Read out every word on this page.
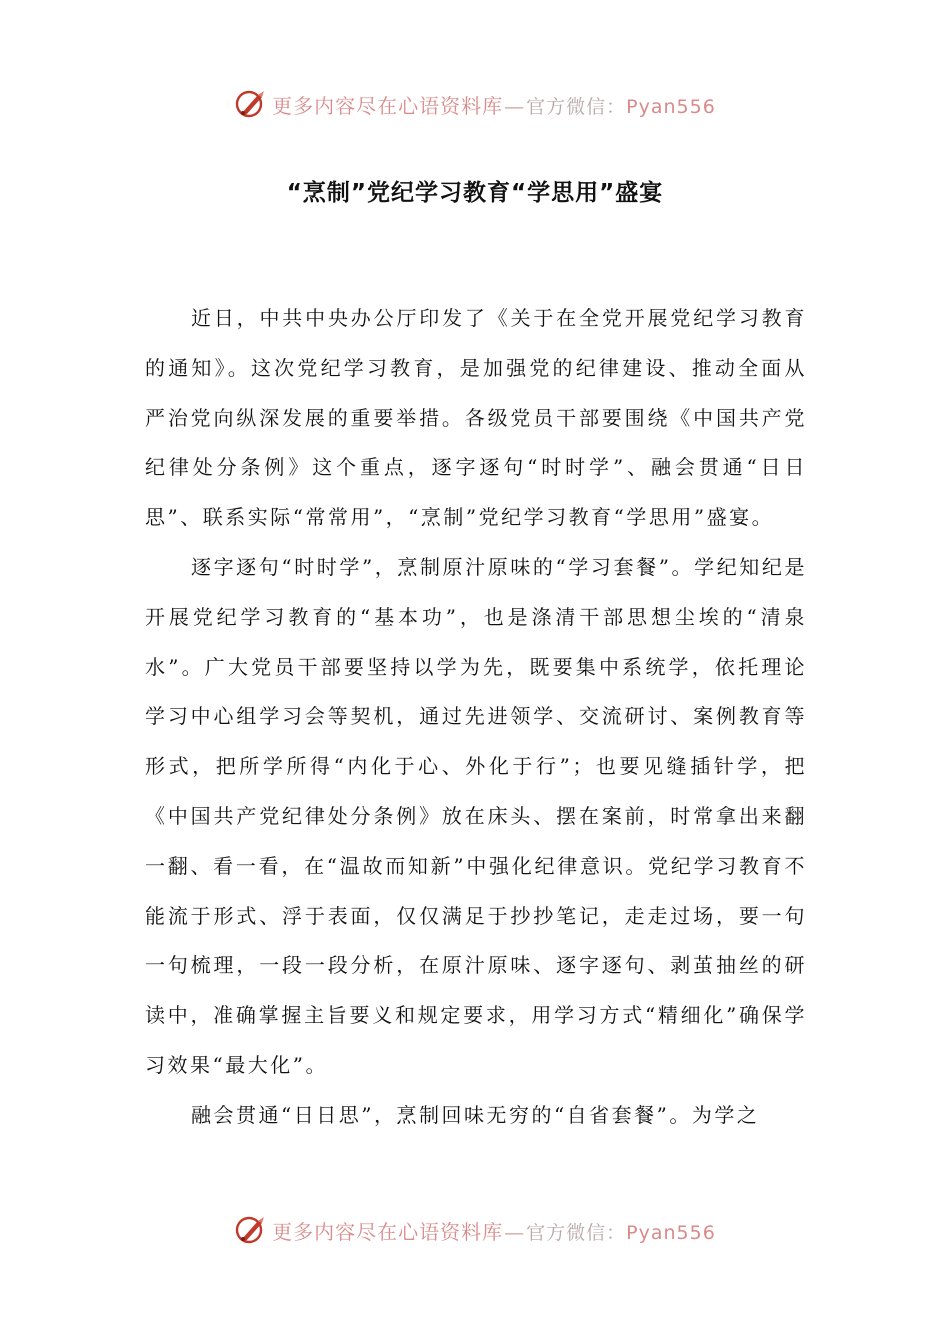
更多内容尽在心语资料库—官方微信：Pyan556
“烹制”党纪学习教育“学思用”盛宴

近日，中共中央办公厅印发了《关于在全党开展党纪学习教育的通知》。这次党纪学习教育，是加强党的纪律建设、推动全面从严治党向纵深发展的重要举措。各级党员干部要围绕《中国共产党纪律处分条例》这个重点，逐字逐句“时时学”、融会贯通“日日思”、联系实际“常常用”，“烹制”党纪学习教育“学思用”盛宴。

逐字逐句“时时学”，烹制原汁原味的“学习套餐”。学纪知纪是开展党纪学习教育的“基本功”，也是涤清干部思想尘埃的“清泉水”。广大党员干部要坚持以学为先，既要集中系统学，依托理论学习中心组学习会等契机，通过先进领学、交流研讨、案例教育等形式，把所学所得“内化于心、外化于行”；也要见缝插针学，把《中国共产党纪律处分条例》放在床头、摆在案前，时常拿出来翻一翻、看一看，在“温故而知新”中强化纪律意识。党纪学习教育不能流于形式、浮于表面，仅仅满足于抄抄笔记，走走过场，要一句一句梳理，一段一段分析，在原汁原味、逐字逐句、剥茧抽丝的研读中，准确掌握主旨要义和规定要求，用学习方式“精细化”确保学习效果“最大化”。

融会贯通“日日思”，烹制回味无穷的“自省套餐”。为学之

更多内容尽在心语资料库—官方微信：Pyan556
